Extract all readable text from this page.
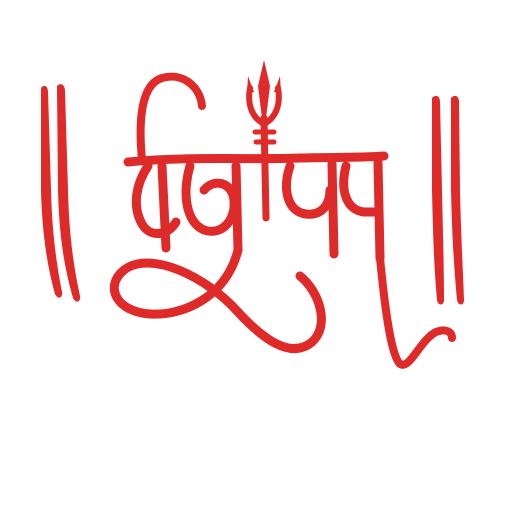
शिवायन
